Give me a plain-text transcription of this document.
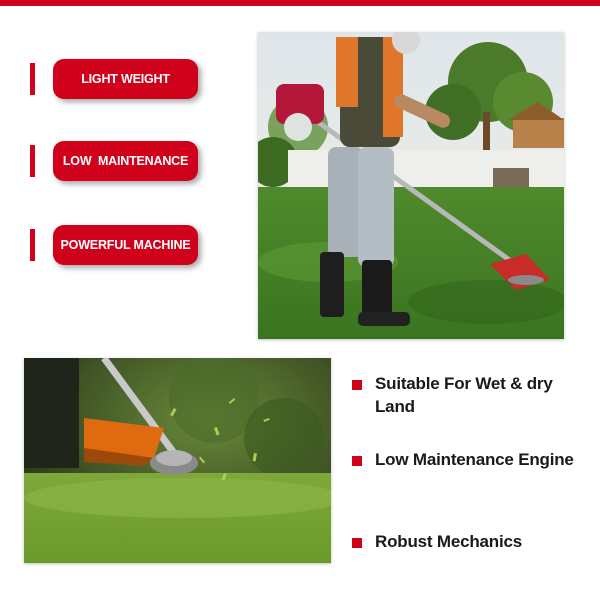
LIGHT WEIGHT
LOW  MAINTENANCE
POWERFUL MACHINE
Suitable For Wet & dry Land
Low Maintenance Engine
Robust Mechanics
